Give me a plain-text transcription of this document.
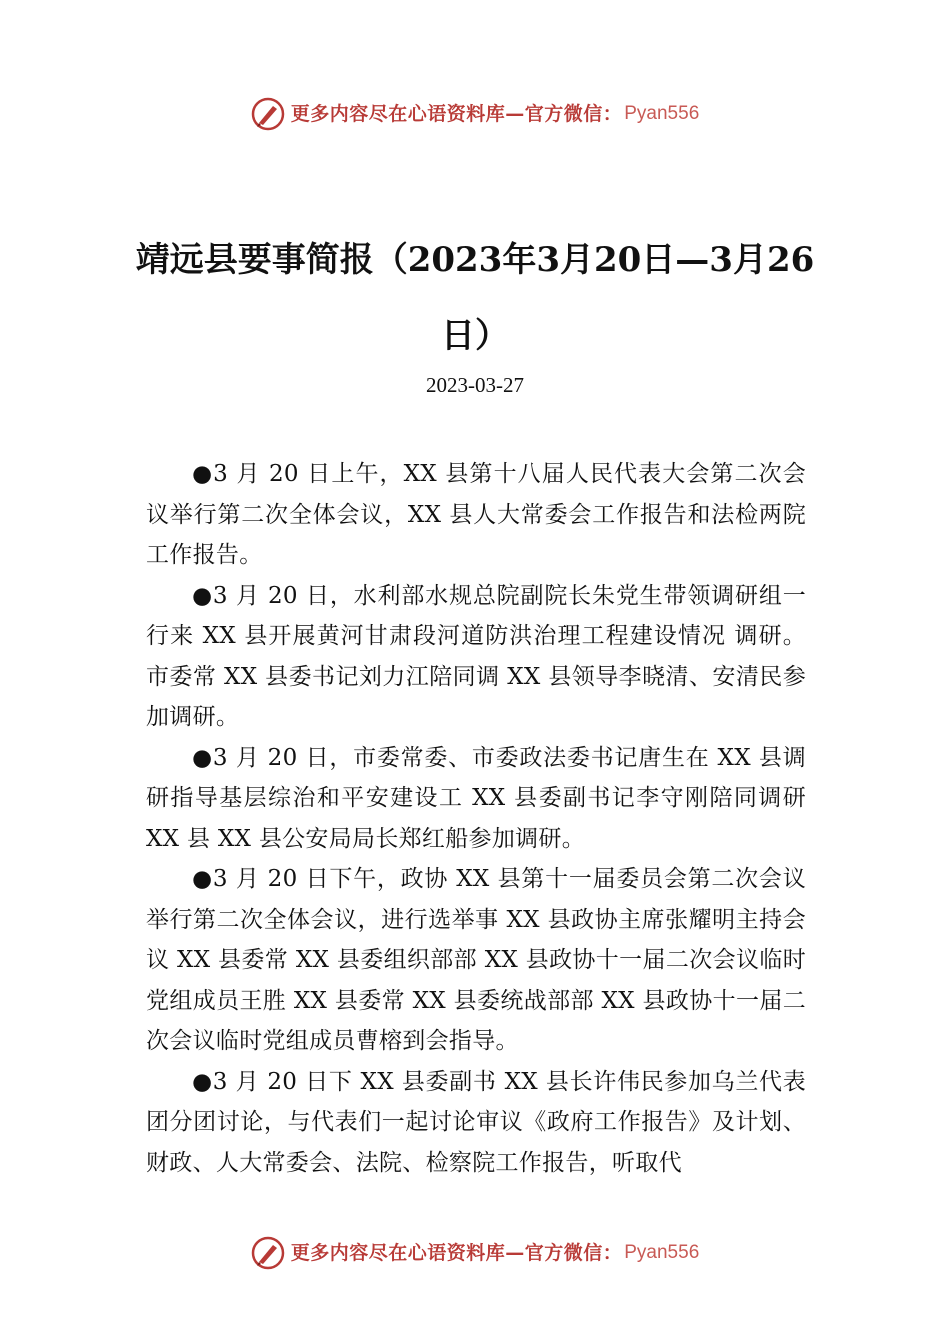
更多内容尽在心语资料库—官方微信： Pyan556
靖远县要事简报（2023年3月20日—3月26日）

2023-03-27

●3 月 20 日上午，XX 县第十八届人民代表大会第二次会议举行第二次全体会议，XX 县人大常委会工作报告和法检两院工作报告。

●3 月 20 日，水利部水规总院副院长朱党生带领调研组一行来 XX 县开展黄河甘肃段河道防洪治理工程建设情况 调研。市委常 XX 县委书记刘力江陪同调 XX 县领导李晓清、安清民参加调研。

●3 月 20 日，市委常委、市委政法委书记唐生在 XX 县调研指导基层综治和平安建设工 XX 县委副书记李守刚陪同调研 XX 县 XX 县公安局局长郑红船参加调研。

●3 月 20 日下午，政协 XX 县第十一届委员会第二次会议举行第二次全体会议，进行选举事 XX 县政协主席张耀明主持会议 XX 县委常 XX 县委组织部部 XX 县政协十一届二次会议临时党组成员王胜 XX 县委常 XX 县委统战部部 XX 县政协十一届二次会议临时党组成员曹榕到会指导。

●3 月 20 日下 XX 县委副书 XX 县长许伟民参加乌兰代表团分团讨论，与代表们一起讨论审议《政府工作报告》及计划、财政、人大常委会、法院、检察院工作报告，听取代

更多内容尽在心语资料库—官方微信： Pyan556
